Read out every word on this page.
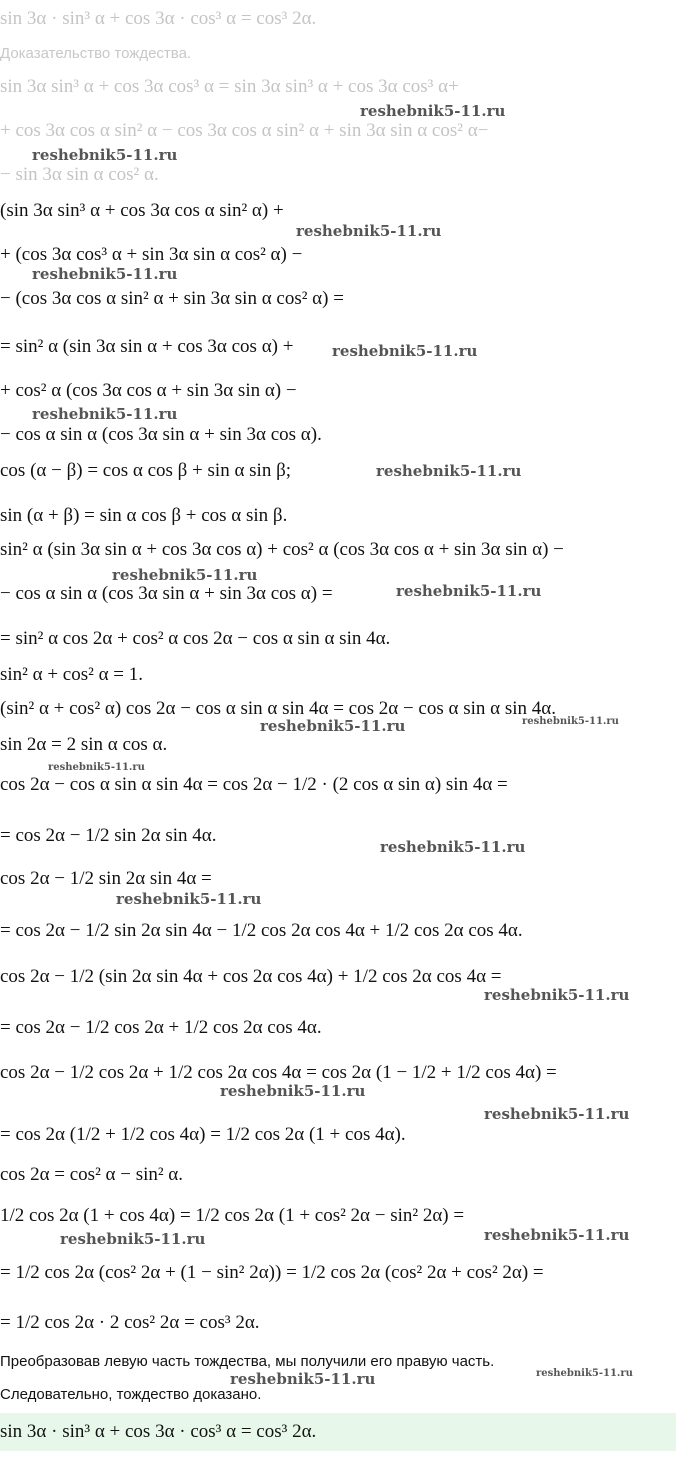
sin 3α · sin³ α + cos 3α · cos³ α = cos³ 2α.
Доказательство тождества.
sin 3α sin³ α + cos 3α cos³ α = sin 3α sin³ α + cos 3α cos³ α+
+ cos 3α cos α sin² α − cos 3α cos α sin² α + sin 3α sin α cos² α−
− sin 3α sin α cos² α.
(sin 3α sin³ α + cos 3α cos α sin² α) +
+ (cos 3α cos³ α + sin 3α sin α cos² α) −
− (cos 3α cos α sin² α + sin 3α sin α cos² α) =
= sin² α (sin 3α sin α + cos 3α cos α) +
+ cos² α (cos 3α cos α + sin 3α sin α) −
− cos α sin α (cos 3α sin α + sin 3α cos α).
cos (α − β) = cos α cos β + sin α sin β;
sin (α + β) = sin α cos β + cos α sin β.
sin² α (sin 3α sin α + cos 3α cos α) + cos² α (cos 3α cos α + sin 3α sin α) −
− cos α sin α (cos 3α sin α + sin 3α cos α) =
= sin² α cos 2α + cos² α cos 2α − cos α sin α sin 4α.
sin² α + cos² α = 1.
(sin² α + cos² α) cos 2α − cos α sin α sin 4α = cos 2α − cos α sin α sin 4α.
sin 2α = 2 sin α cos α.
cos 2α − cos α sin α sin 4α = cos 2α − 1/2 · (2 cos α sin α) sin 4α =
= cos 2α − 1/2 sin 2α sin 4α.
cos 2α − 1/2 sin 2α sin 4α =
= cos 2α − 1/2 sin 2α sin 4α − 1/2 cos 2α cos 4α + 1/2 cos 2α cos 4α.
cos 2α − 1/2 (sin 2α sin 4α + cos 2α cos 4α) + 1/2 cos 2α cos 4α =
= cos 2α − 1/2 cos 2α + 1/2 cos 2α cos 4α.
cos 2α − 1/2 cos 2α + 1/2 cos 2α cos 4α = cos 2α (1 − 1/2 + 1/2 cos 4α) =
= cos 2α (1/2 + 1/2 cos 4α) = 1/2 cos 2α (1 + cos 4α).
cos 2α = cos² α − sin² α.
1/2 cos 2α (1 + cos 4α) = 1/2 cos 2α (1 + cos² 2α − sin² 2α) =
= 1/2 cos 2α (cos² 2α + (1 − sin² 2α)) = 1/2 cos 2α (cos² 2α + cos² 2α) =
= 1/2 cos 2α · 2 cos² 2α = cos³ 2α.
Преобразовав левую часть тождества, мы получили его правую часть.
Следовательно, тождество доказано.
sin 3α · sin³ α + cos 3α · cos³ α = cos³ 2α.
reshebnik5-11.ru
reshebnik5-11.ru
reshebnik5-11.ru
reshebnik5-11.ru
reshebnik5-11.ru
reshebnik5-11.ru
reshebnik5-11.ru
reshebnik5-11.ru
reshebnik5-11.ru
reshebnik5-11.ru	reshebnik5-11.ru
reshebnik5-11.ru
reshebnik5-11.ru
reshebnik5-11.ru
reshebnik5-11.ru
reshebnik5-11.ru
reshebnik5-11.ru
reshebnik5-11.ru	reshebnik5-11.ru
reshebnik5-11.ru	reshebnik5-11.ru
